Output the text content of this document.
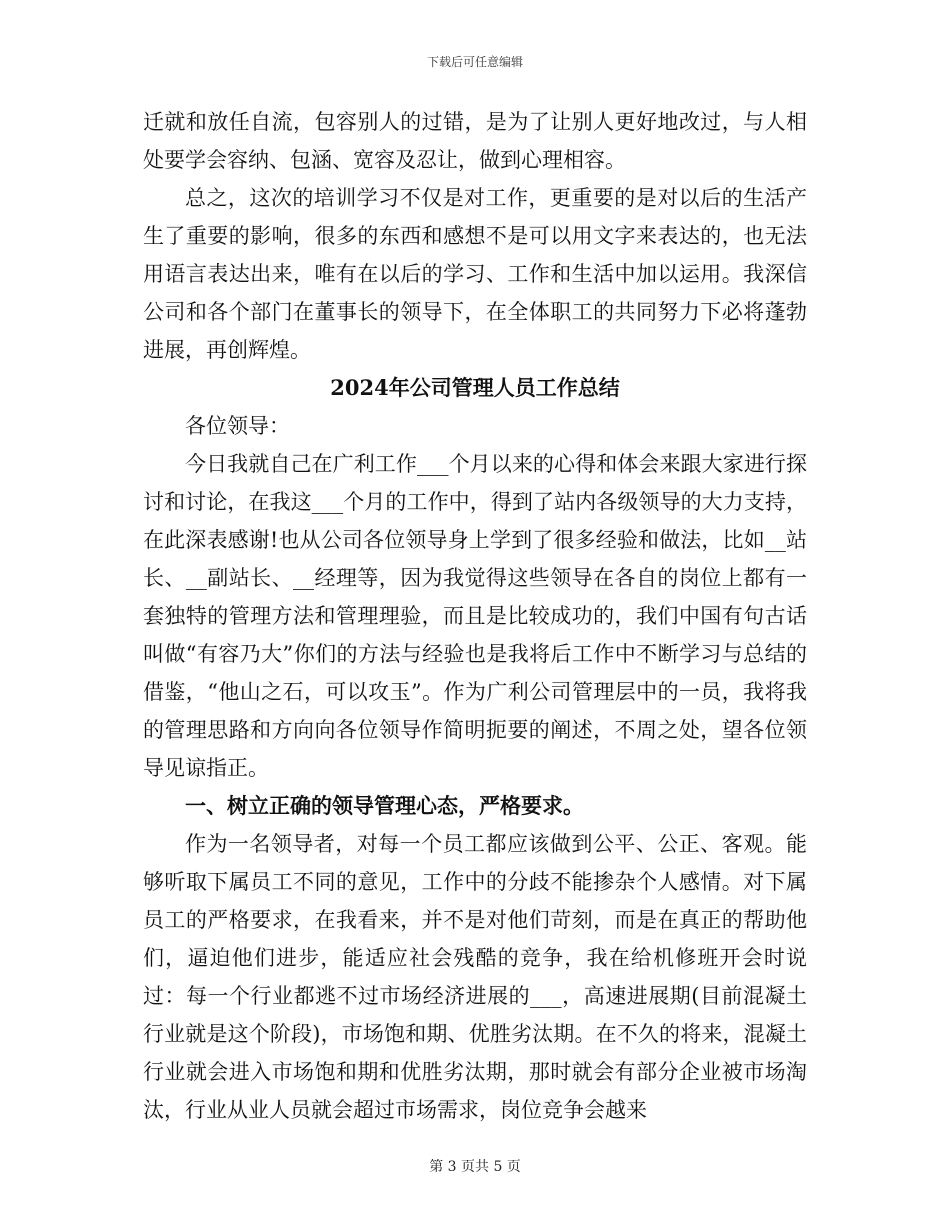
下载后可任意编辑

迁就和放任自流，包容别人的过错，是为了让别人更好地改过，与人相处要学会容纳、包涵、宽容及忍让，做到心理相容。

总之，这次的培训学习不仅是对工作，更重要的是对以后的生活产生了重要的影响，很多的东西和感想不是可以用文字来表达的，也无法用语言表达出来，唯有在以后的学习、工作和生活中加以运用。我深信公司和各个部门在董事长的领导下，在全体职工的共同努力下必将蓬勃进展，再创辉煌。

2024年公司管理人员工作总结

各位领导：

今日我就自己在广利工作___个月以来的心得和体会来跟大家进行探讨和讨论，在我这___个月的工作中，得到了站内各级领导的大力支持，在此深表感谢!也从公司各位领导身上学到了很多经验和做法，比如__站长、__副站长、__经理等，因为我觉得这些领导在各自的岗位上都有一套独特的管理方法和管理理验，而且是比较成功的，我们中国有句古话叫做“有容乃大”你们的方法与经验也是我将后工作中不断学习与总结的借鉴，“他山之石，可以攻玉”。作为广利公司管理层中的一员，我将我的管理思路和方向向各位领导作简明扼要的阐述，不周之处，望各位领导见谅指正。

一、树立正确的领导管理心态，严格要求。

作为一名领导者，对每一个员工都应该做到公平、公正、客观。能够听取下属员工不同的意见，工作中的分歧不能掺杂个人感情。对下属员工的严格要求，在我看来，并不是对他们苛刻，而是在真正的帮助他们，逼迫他们进步，能适应社会残酷的竞争，我在给机修班开会时说过：每一个行业都逃不过市场经济进展的___，高速进展期(目前混凝土行业就是这个阶段)，市场饱和期、优胜劣汰期。在不久的将来，混凝土行业就会进入市场饱和期和优胜劣汰期，那时就会有部分企业被市场淘汰，行业从业人员就会超过市场需求，岗位竞争会越来

第 3 页共 5 页
